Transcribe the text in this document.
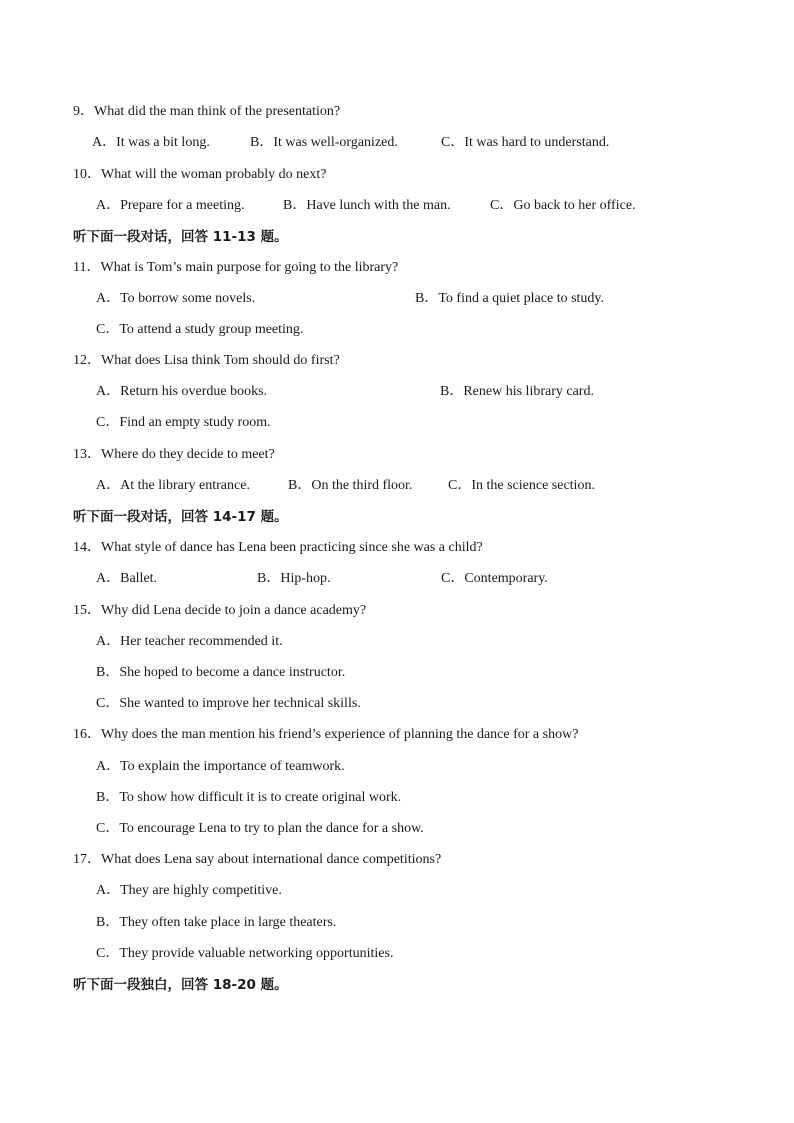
9．What did the man think of the presentation?
A．It was a bit long.	B．It was well-organized.	C．It was hard to understand.
10．What will the woman probably do next?
A．Prepare for a meeting.	B．Have lunch with the man.	C．Go back to her office.
听下面一段对话，回答 11-13 题。
11．What is Tom’s main purpose for going to the library?
A．To borrow some novels.	B．To find a quiet place to study.
C．To attend a study group meeting.
12．What does Lisa think Tom should do first?
A．Return his overdue books.	B．Renew his library card.
C．Find an empty study room.
13．Where do they decide to meet?
A．At the library entrance.	B．On the third floor.	C．In the science section.
听下面一段对话，回答 14-17 题。
14．What style of dance has Lena been practicing since she was a child?
A．Ballet.	B．Hip-hop.	C．Contemporary.
15．Why did Lena decide to join a dance academy?
A．Her teacher recommended it.
B．She hoped to become a dance instructor.
C．She wanted to improve her technical skills.
16．Why does the man mention his friend’s experience of planning the dance for a show?
A．To explain the importance of teamwork.
B．To show how difficult it is to create original work.
C．To encourage Lena to try to plan the dance for a show.
17．What does Lena say about international dance competitions?
A．They are highly competitive.
B．They often take place in large theaters.
C．They provide valuable networking opportunities.
听下面一段独白，回答 18-20 题。
